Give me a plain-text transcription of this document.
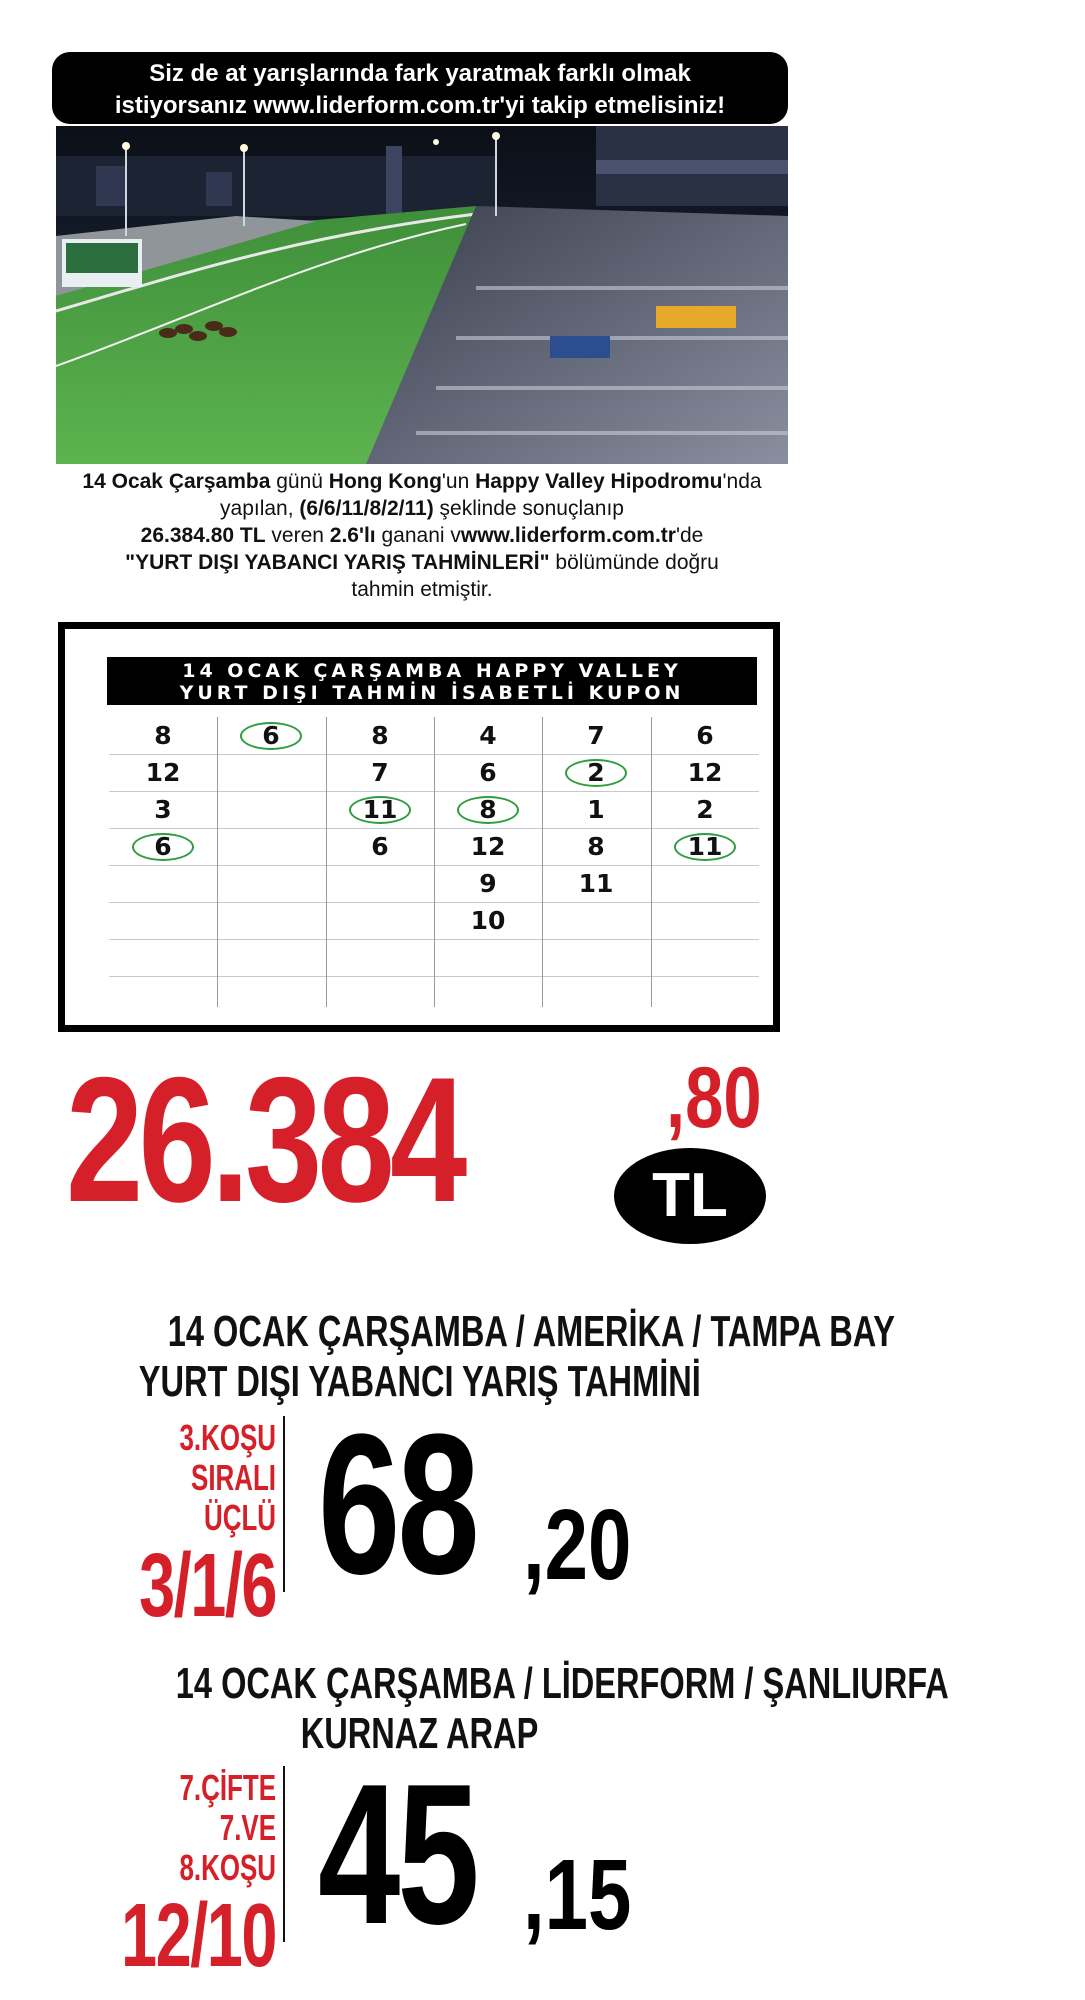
Siz de at yarışlarında fark yaratmak farklı olmak
istiyorsanız www.liderform.com.tr'yi takip etmelisiniz!
14 Ocak Çarşamba günü Hong Kong'un Happy Valley Hipodromu'nda yapılan, (6/6/11/8/2/11) şeklinde sonuçlanıp
26.384.80 TL veren 2.6'lı ganani vwww.liderform.com.tr'de
"YURT DIŞI YABANCI YARIŞ TAHMİNLERİ" bölümünde doğru
tahmin etmiştir.
14 OCAK ÇARŞAMBA HAPPY VALLEY
YURT DIŞI TAHMİN İSABETLİ KUPON
8
12
3
6
6	8
7
11
6
4
6
8
12
9
10
7
2
1
8
11
6
12
2
11
26.384 ,80
TL
14 OCAK ÇARŞAMBA / AMERİKA / TAMPA BAY
YURT DIŞI YABANCI YARIŞ TAHMİNİ
3.KOŞU
SIRALI ÜÇLÜ
3/1/6 68 ,20
14 OCAK ÇARŞAMBA / LİDERFORM / ŞANLIURFA
KURNAZ ARAP
7.ÇİFTE
7.VE 8.KOŞU
12/10 45 ,15
